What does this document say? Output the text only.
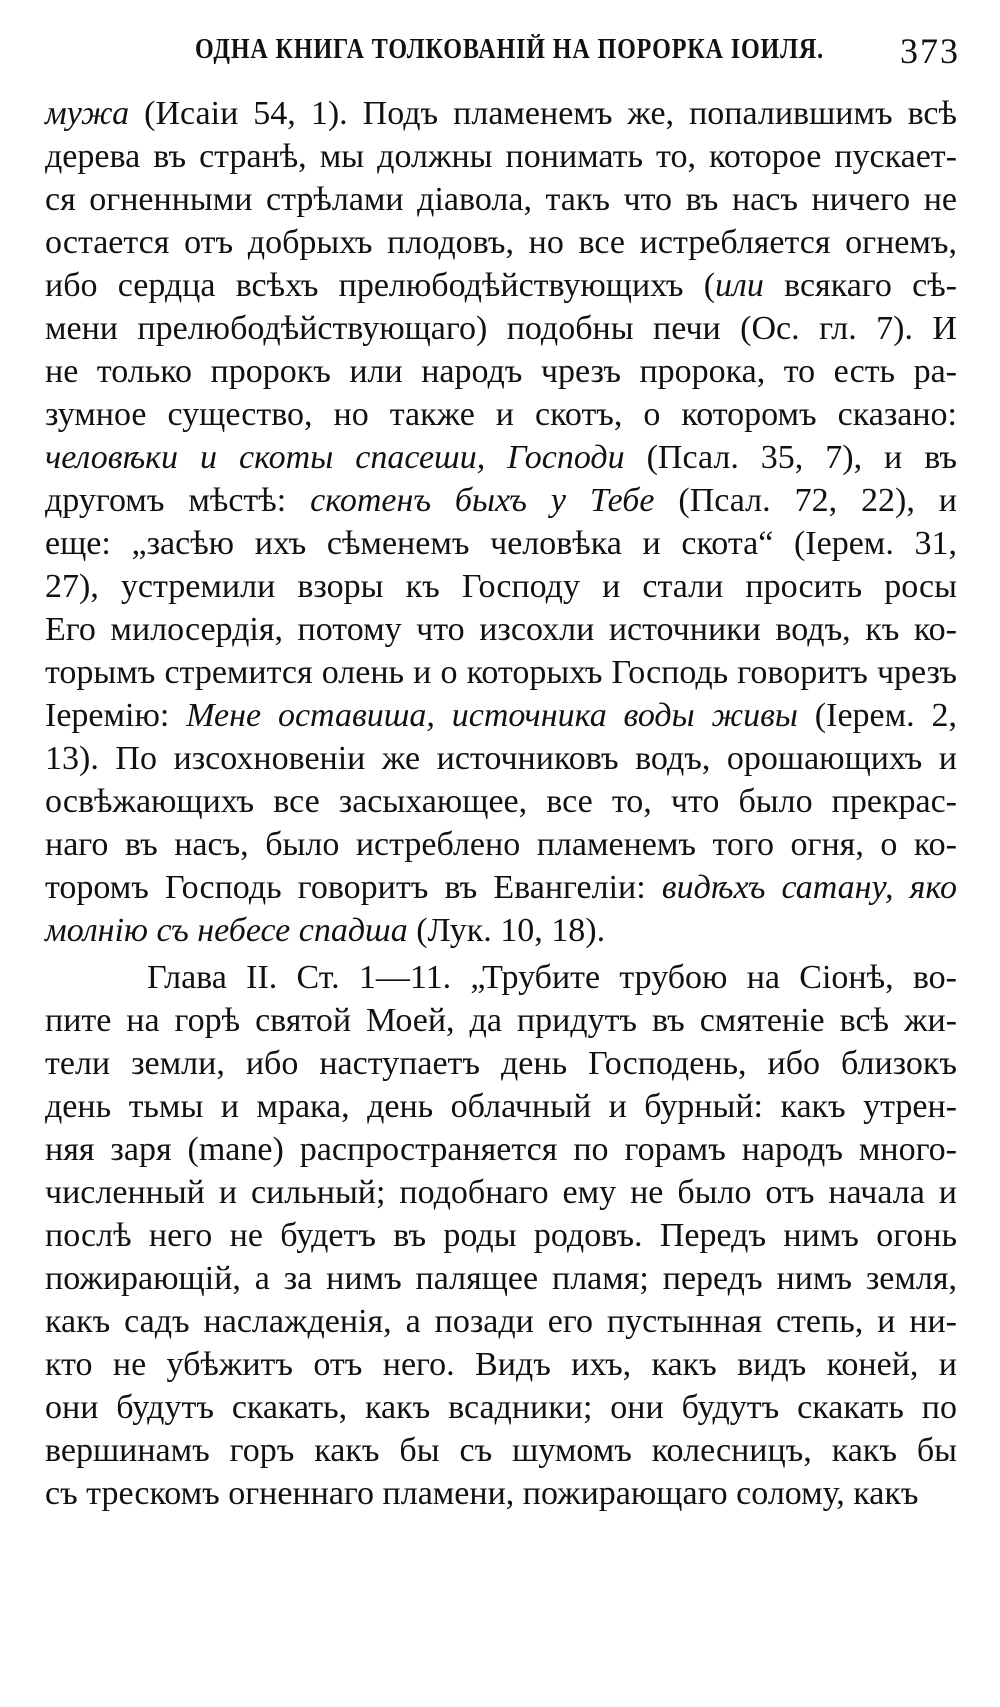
ОДНА КНИГА ТОЛКОВАНІЙ НА ПОРОРКА ІОИЛЯ. 373
мужа (Исаіи 54, 1). Подъ пламенемъ же, попалившимъ всѣ
дерева въ странѣ, мы должны понимать то, которое пускает-
ся огненными стрѣлами діавола, такъ что въ насъ ничего не
остается отъ добрыхъ плодовъ, но все истребляется огнемъ,
ибо сердца всѣхъ прелюбодѣйствующихъ (или всякаго сѣ-
мени прелюбодѣйствующаго) подобны печи (Ос. гл. 7). И
не только пророкъ или народъ чрезъ пророка, то есть ра-
зумное существо, но также и скотъ, о которомъ сказано:
человѣки и скоты спасеши, Господи (Псал. 35, 7), и въ
другомъ мѣстѣ: скотенъ быхъ у Тебе (Псал. 72, 22), и
еще: „засѣю ихъ сѣменемъ человѣка и скота“ (Iерем. 31,
27), устремили взоры къ Господу и стали просить росы
Его милосердія, потому что изсохли источники водъ, къ ко-
торымъ стремится олень и о которыхъ Господь говоритъ чрезъ
Iеремію: Мене оставиша, источника воды живы (Iерем. 2,
13). По изсохновеніи же источниковъ водъ, орошающихъ и
освѣжающихъ все засыхающее, все то, что было прекрас-
наго въ насъ, было истреблено пламенемъ того огня, о ко-
торомъ Господь говоритъ въ Евангеліи: видѣхъ сатану, яко
молнію съ небесе спадша (Лук. 10, 18).
Глава II. Ст. 1—11. „Трубите трубою на Сіонѣ, во-
пите на горѣ святой Моей, да придутъ въ смятеніе всѣ жи-
тели земли, ибо наступаетъ день Господень, ибо близокъ
день тьмы и мрака, день облачный и бурный: какъ утрен-
няя заря (mane) распространяется по горамъ народъ много-
численный и сильный; подобнаго ему не было отъ начала и
послѣ него не будетъ въ роды родовъ. Передъ нимъ огонь
пожирающій, а за нимъ палящее пламя; передъ нимъ земля,
какъ садъ наслажденія, а позади его пустынная степь, и ни-
кто не убѣжитъ отъ него. Видъ ихъ, какъ видъ коней, и
они будутъ скакать, какъ всадники; они будутъ скакать по
вершинамъ горъ какъ бы съ шумомъ колесницъ, какъ бы
съ трескомъ огненнаго пламени, пожирающаго солому, какъ
